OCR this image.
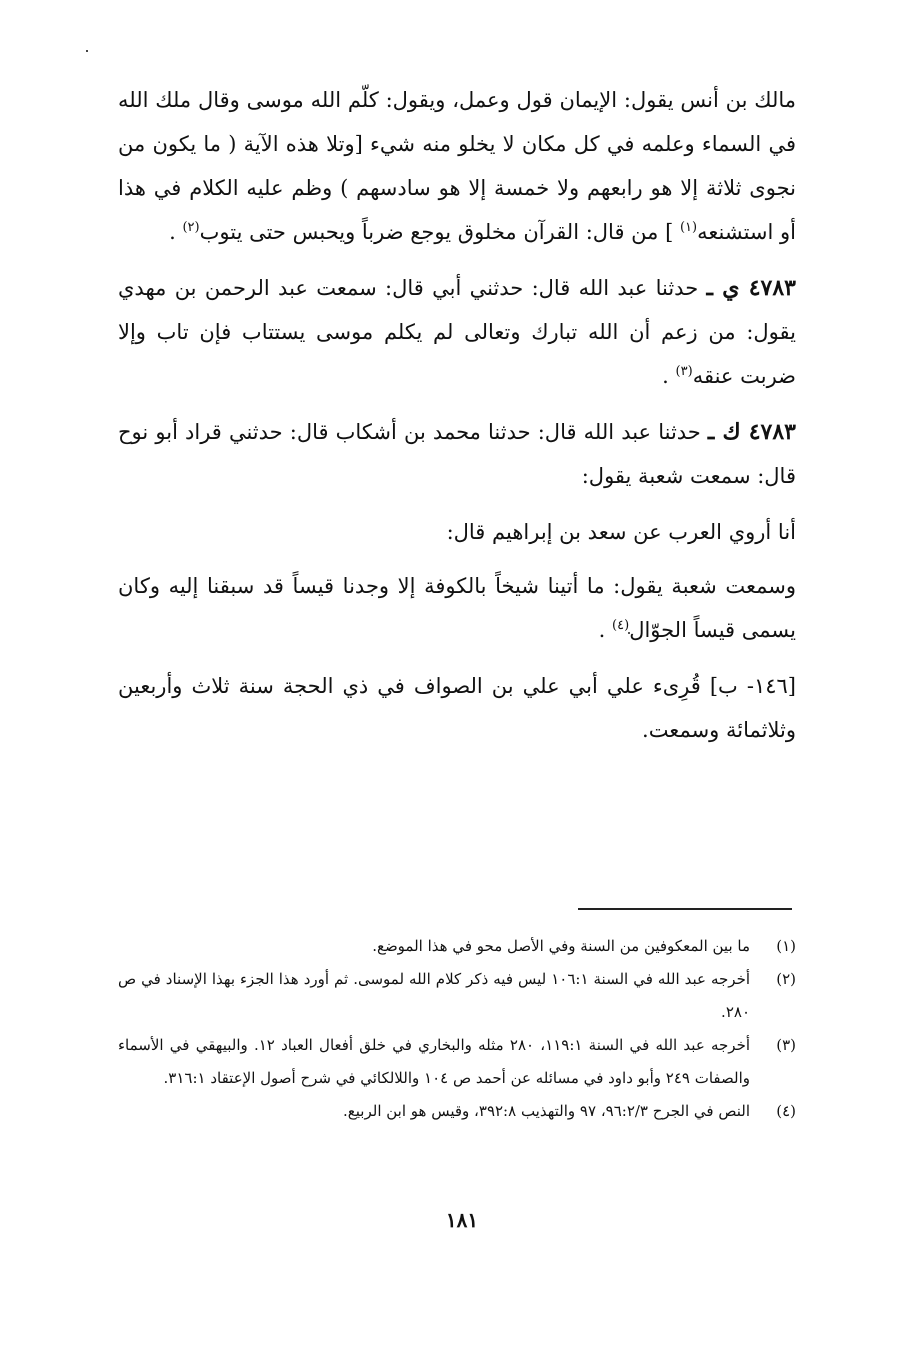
مالك بن أنس يقول: الإيمان قول وعمل، ويقول: كلّم الله موسى وقال ملك الله في السماء وعلمه في كل مكان لا يخلو منه شيء [وتلا هذه الآية ( ما يكون من نجوى ثلاثة إلا هو رابعهم ولا خمسة إلا هو سادسهم ) وظم عليه الكلام في هذا أو استشنعه$^{(١)}$ ] من قال: القرآن مخلوق يوجع ضرباً ويحبس حتى يتوب$^{(٢)}$ .

٤٧٨٣ ي ـ حدثنا عبد الله قال: حدثني أبي قال: سمعت عبد الرحمن بن مهدي يقول: من زعم أن الله تبارك وتعالى لم يكلم موسى يستتاب فإن تاب وإلا ضربت عنقه$^{(٣)}$ .

٤٧٨٣ ك ـ حدثنا عبد الله قال: حدثنا محمد بن أشكاب قال: حدثني قراد أبو نوح قال: سمعت شعبة يقول:

أنا أروي العرب عن سعد بن إبراهيم قال:

وسمعت شعبة يقول: ما أتينا شيخاً بالكوفة إلا وجدنا قيساً قد سبقنا إليه وكان يسمى قيساً الجوّال$^{(٤)}$ .

[١٤٦- ب] قُرِىء علي أبي علي بن الصواف في ذي الحجة سنة ثلاث وأربعين وثلاثمائة وسمعت.

(١)
ما بين المعكوفين من السنة وفي الأصل محو في هذا الموضع.
(٢)
أخرجه عبد الله في السنة ١٠٦:١ ليس فيه ذكر كلام الله لموسى. ثم أورد هذا الجزء بهذا الإسناد في ص ٢٨٠.
(٣)
أخرجه عبد الله في السنة ١١٩:١، ٢٨٠ مثله والبخاري في خلق أفعال العباد ١٢. والبيهقي في الأسماء والصفات ٢٤٩ وأبو داود في مسائله عن أحمد ص ١٠٤ واللالكائي في شرح أصول الإعتقاد ٣١٦:١.
(٤)
النص في الجرح ٩٦:٢/٣، ٩٧ والتهذيب ٣٩٢:٨، وقيس هو ابن الربيع.
١٨١
